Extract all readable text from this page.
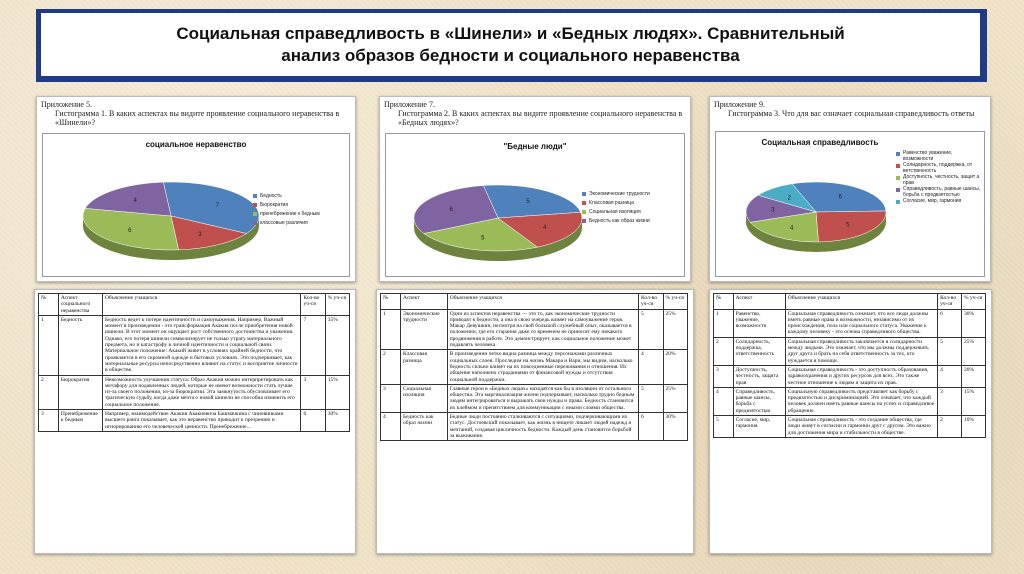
Социальная справедливость в «Шинели» и «Бедных людях». Сравнительный
анализ образов бедности и социального неравенства
Приложение 5.
Гистограмма 1. В каких аспектах вы видите проявление социального неравенства в «Шинели»?
социальное неравенство
7
3
6
4
Бедность
Бюрократия
пренебрежение к бедным
классовые различия
Приложение 7.
Гистограмма 2. В каких аспектах вы видите проявление социального неравенства в «Бедных людях»?
"Бедные люди"
5
4
5
6
Экономические трудности
Классовая разница
Социальная изоляция
Бедность как образ жизни
Приложение 9.
Гистограмма 3. Что для вас означает социальная справедливость ответы
Социальная справедливость
6
5
4
3
2
Равенство уважение, возможности
Солидарность, поддержка, от ветственность
Доступность, честность, защит а прав
Справедливость, равные шансы, борьба с предвзятостью
Согласие, мир, гармония
№	Аспект социального неравенства	Объяснение учащихся	Кол-во уч-ся	% уч-ся
1	Бедность	Бедность ведет к потере идентичности и самоуважения. Например, Важный момент в произведении - это трансформация Акакия после приобретения новой шинели. В этот момент он ощущает рост собственного достоинства и уважения. Однако, его потеря шинели символизирует не только утрату материального предмета, но и катастрофу в личной идентичности и социальной связи. Материальное положение: Акакий живет в условиях крайней бедности, что проявляется в его скромной одежде и бытовых условиях. Это подчеркивает, как материальные ресурсы непосредственно влияют на статус и восприятие личности в обществе.	7	35%
2	Бюрократия	Невозможность улучшения статуса: Образ Акакия можно интерпретировать как метафору для подавленных людей, которые не имеют возможности стать лучше из-за своего положения, из-за бюрократии. Эта замкнутость обусловливает его трагическую судьбу, когда даже мечта о новой шинели не способна изменить его социальное положение.	3	15%
3	Пренебрежение к бедным	Например, взаимодействие Акакия Акакиевича Башмачкина с чиновниками высшего ранга показывает, как это неравенство приводит к презрению и игнорированию его человеческой ценности. Пренебрежение...	6	30%
№	Аспект	Объяснение учащихся	Кол-во уч-ся	% уч-ся
1	Экономические трудности	Одни из аспектов неравенства — это то, как экономические трудности приводят к бедности, а она в свою очередь влияет на самоуважение героя. Макар Девушкин, несмотря на свой большой служебный опыт, оказывается в положении, где его старания даже со временем не приносят ему никакого продвижения в работе. Это демонстрирует, как социальное положение может подавлять человека.	5	25%
2	Классовая разница	В произведении четко видна разница между персонажами различных социальных слоев. Проследим на жизнь Макара и Вари, мы видим, насколько бедность сильно влияет на их повседневные переживания и отношения. Их общение наполнено страданиями от финансовой нужды и отсутствия социальной поддержки.	4	20%
3	Социальная изоляция	Главные герои в «Бедных людях» находятся как бы в изоляции от остального общества. Эта маргинализация жизни подчеркивает, насколько трудно бедным людям интегрироваться и выражать свои нужды и права. Бедность становится их клеймом и препятствием для коммуникации с иными слоями общества.	5	25%
4	Бедность как образ жизни	Бедные люди постоянно сталкиваются с ситуациями, подчеркивающими их статус. Достоевский показывает, как жизнь в нищете лишает людей надежд и мечтаний, создавая цикличность бедности. Каждый день становится борьбой за выживание.	6	30%
№	Аспект	Объяснение учащихся	Кол-во уч-ся	% уч-ся
1	Равенство, уважение, возможности	Социальная справедливость означает, что все люди должны иметь равные права и возможности, независимо от их происхождения, пола или социального статуса. Уважение к каждому человеку - это основа справедливого общества.	6	30%
2	Солидарность, поддержка, ответственность	Социальная справедливость заключается в солидарности между людьми. Это означает, что мы должны поддерживать друг друга и брать на себя ответственность за тех, кто нуждается в помощи.	5	25%
3	Доступность, честность, защита прав	Социальная справедливость - это доступность образования, здравоохранения и других ресурсов для всех. Это также честное отношение к людям и защита их прав.	4	20%
4	Справедливость, равные шансы, борьба с предвзятостью	Социальную справедливость представляет как борьбу с предвзятостью и дискриминацией. Это означает, что каждый человек должен иметь равные шансы на успех и справедливое обращение.	3	15%
5	Согласие, мир, гармония	Социальная справедливость - это создание общества, где люди живут в согласии и гармонии друг с другом. Это важно для достижения мира и стабильности в обществе.	2	10%
